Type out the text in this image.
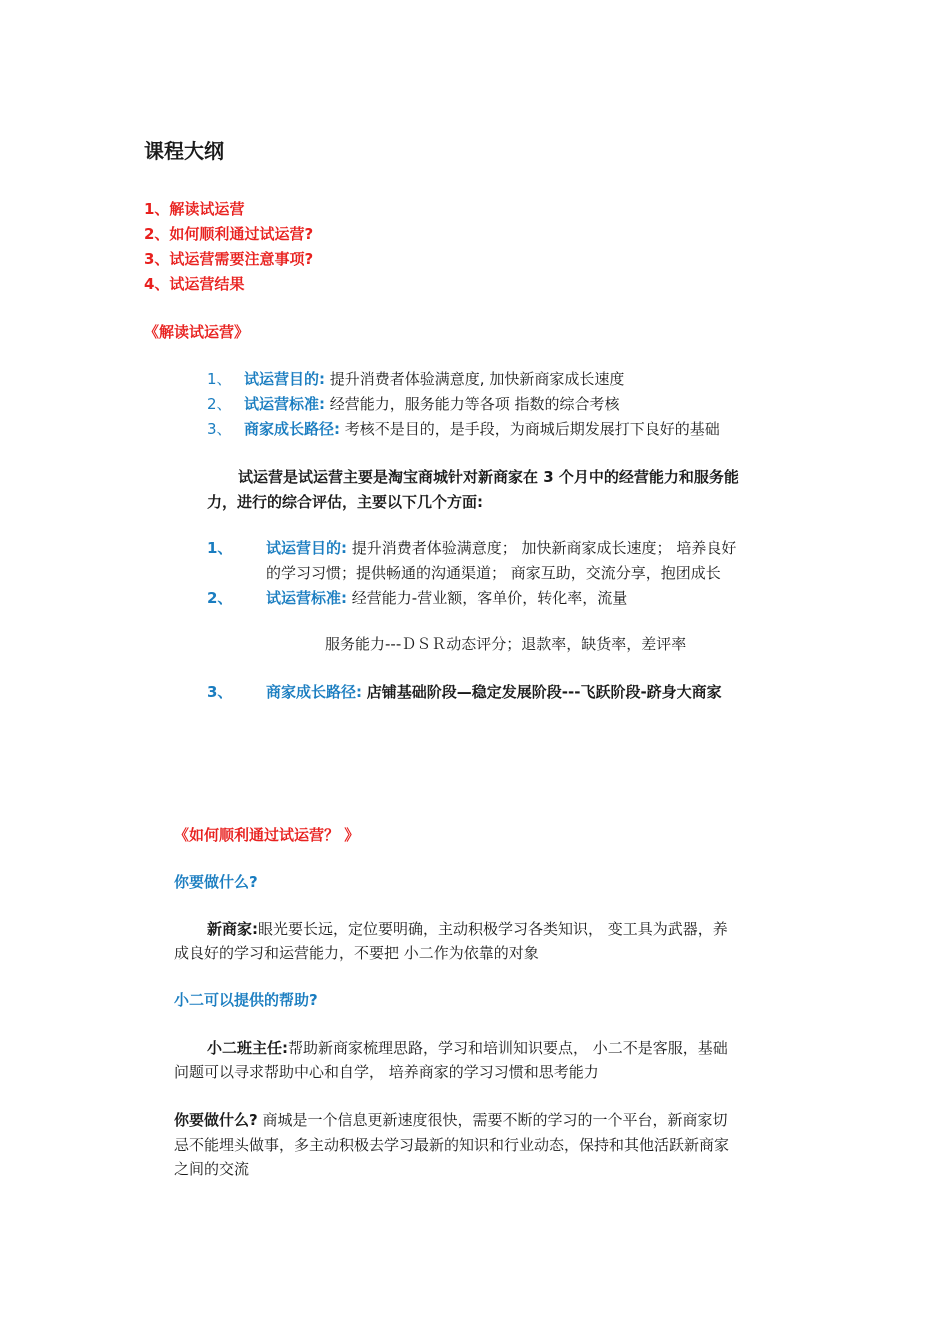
课程大纲
1、解读试运营
2、如何顺利通过试运营?
3、试运营需要注意事项?
4、试运营结果
《解读试运营》
1、 试运营目的: 提升消费者体验满意度, 加快新商家成长速度
2、 试运营标准: 经营能力，服务能力等各项 指数的综合考核
3、 商家成长路径: 考核不是目的，是手段，为商城后期发展打下良好的基础
试运营是试运营主要是淘宝商城针对新商家在 3 个月中的经营能力和服务能
力，进行的综合评估，主要以下几个方面:
1、 试运营目的: 提升消费者体验满意度； 加快新商家成长速度； 培养良好
的学习习惯；提供畅通的沟通渠道； 商家互助，交流分享，抱团成长
2、 试运营标准: 经营能力-营业额，客单价，转化率，流量
服务能力---ＤＳＲ动态评分；退款率，缺货率，差评率
3、 商家成长路径: 店铺基础阶段—稳定发展阶段---飞跃阶段-跻身大商家
《如何顺利通过试运营？ 》
你要做什么?
新商家:眼光要长远，定位要明确，主动积极学习各类知识， 变工具为武器，养
成良好的学习和运营能力，不要把 小二作为依靠的对象
小二可以提供的帮助?
小二班主任:帮助新商家梳理思路，学习和培训知识要点， 小二不是客服，基础
问题可以寻求帮助中心和自学， 培养商家的学习习惯和思考能力
你要做什么? 商城是一个信息更新速度很快，需要不断的学习的一个平台，新商家切
忌不能埋头做事，多主动积极去学习最新的知识和行业动态，保持和其他活跃新商家
之间的交流
